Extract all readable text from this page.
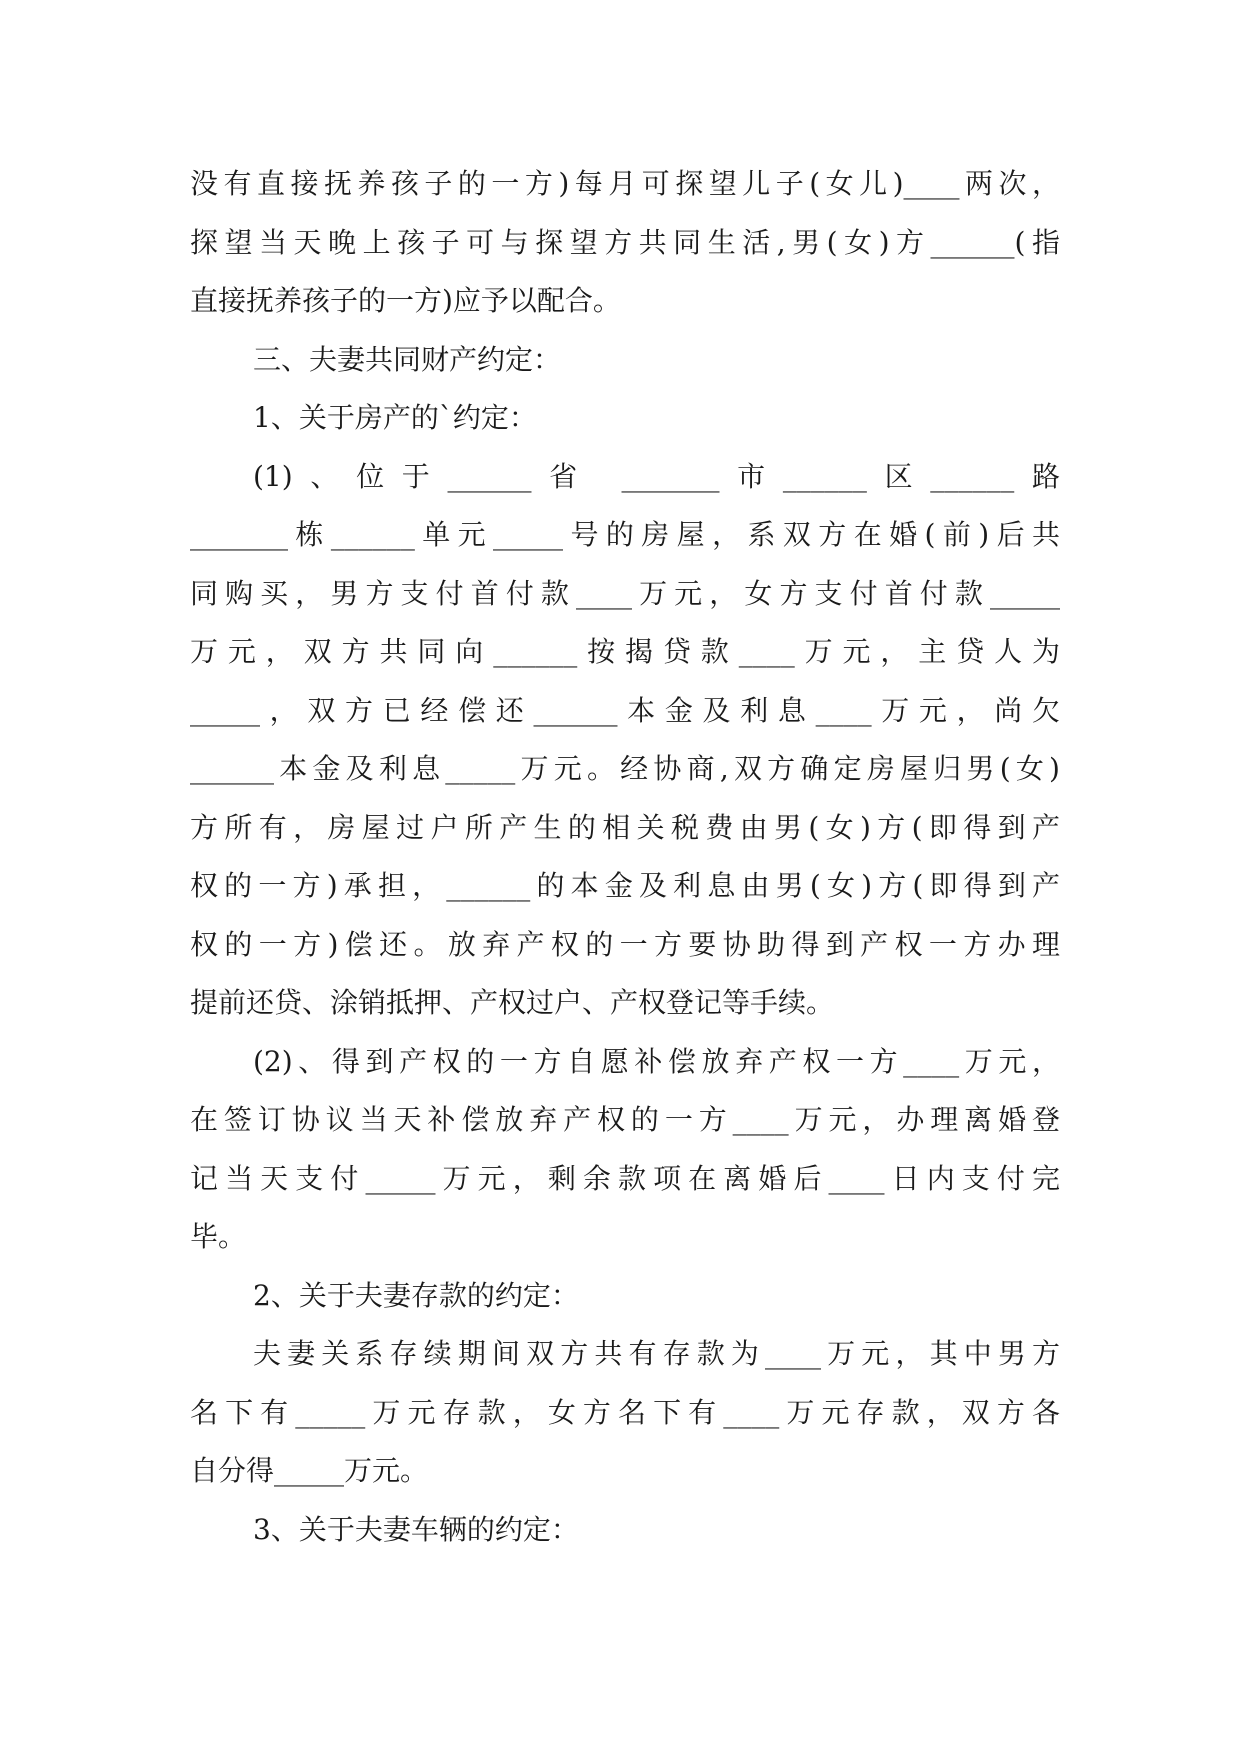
没有直接抚养孩子的一方)每月可探望儿子(女儿)____两次，
探望当天晚上孩子可与探望方共同生活,男(女)方______(指
直接抚养孩子的一方)应予以配合。
三、夫妻共同财产约定：
1、关于房产的`约定：
(1)、位于______省 _______市______区______路
_______栋______单元_____号的房屋，系双方在婚(前)后共
同购买，男方支付首付款____万元，女方支付首付款_____
万元，双方共同向______按揭贷款____万元，主贷人为
_____，双方已经偿还______本金及利息____万元，尚欠
______本金及利息_____万元。经协商,双方确定房屋归男(女)
方所有，房屋过户所产生的相关税费由男(女)方(即得到产
权的一方)承担，______的本金及利息由男(女)方(即得到产
权的一方)偿还。放弃产权的一方要协助得到产权一方办理
提前还贷、涂销抵押、产权过户、产权登记等手续。
(2)、得到产权的一方自愿补偿放弃产权一方____万元，
在签订协议当天补偿放弃产权的一方____万元，办理离婚登
记当天支付_____万元，剩余款项在离婚后____日内支付完
毕。
2、关于夫妻存款的约定：
夫妻关系存续期间双方共有存款为____万元，其中男方
名下有_____万元存款，女方名下有____万元存款，双方各
自分得_____万元。
3、关于夫妻车辆的约定：
